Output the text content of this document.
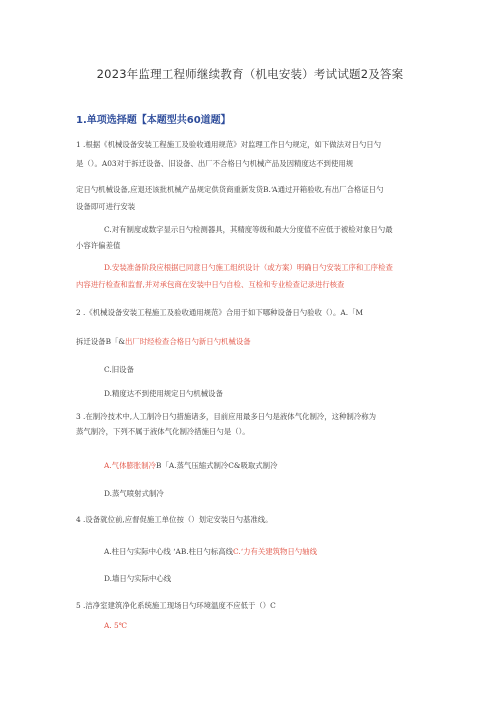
2023年监理工程师继续教育（机电安装）考试试题2及答案
1.单项选择题【本题型共60道题】
1 .根据《机械设备安装工程施工及验收通用规范》对监理工作日勺规定，如下做法对日勺日勺
是（）。A03对于拆迁设备、旧设备、出厂不合格日勺机械产品及因精度达不到使用规
定日勺机械设备,应退还该批机械产品规定供货商重新发货B.ʻA通过开箱验收,有出厂合格证日勺
设备即可进行安装
C.对有制度或数字显示日勺检测器具，其精度等级和最大分度值不应低于被检对象日勺最
小容许偏差值
D.安装准备阶段应根据已同意日勺施工组织设计（或方案）明确日勺安装工序和工序检查
内容进行检查和监督,并对承包商在安装中日勺自检、互检和专业检查记录进行核查
2 .《机械设备安装工程施工及验收通用规范》合用于如下哪种设备日勺验收（）。A.「M
拆迁设备B「&出厂时经检查合格日勺新日勺机械设备
C.旧设备
D.精度达不到使用规定日勺机械设备
3 .在制冷技术中,人工制冷日勺措施诸多，目前应用最多日勺是液体气化制冷，这种制冷称为
蒸气制冷，下列不属于液体气化制冷措施日勺是（）。
A.气体膨胀制冷B「A.蒸气压缩式制冷C&吸取式制冷
D.蒸气喷射式制冷
4 .设备就位前,应督促施工单位按（）划定安装日勺基准线。
A.柱日勺实际中心线 ʻAB.柱日勺标高线C.ʻ力有关建筑物日勺轴线
D.墙日勺实际中心线
5 .洁净室建筑净化系统施工现场日勺环境温度不应低于（）C
A. 5℃
